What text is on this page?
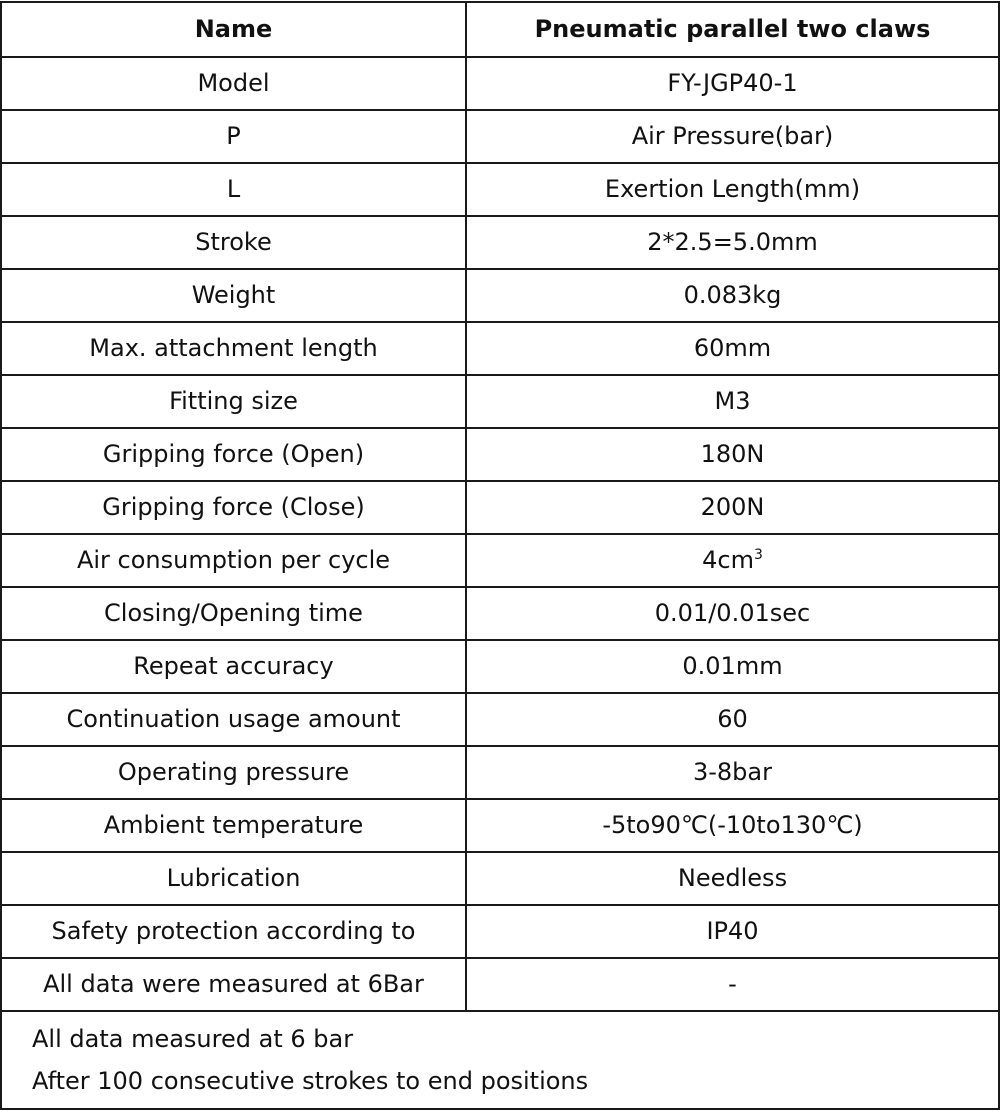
Name	Pneumatic parallel two claws
Model	FY-JGP40-1
P	Air Pressure(bar)
L	Exertion Length(mm)
Stroke	2*2.5=5.0mm
Weight	0.083kg
Max. attachment length	60mm
Fitting size	M3
Gripping force (Open)	180N
Gripping force (Close)	200N
Air consumption per cycle	$4cm^3$
Closing/Opening time	0.01/0.01sec
Repeat accuracy	0.01mm
Continuation usage amount	60
Operating pressure	3-8bar
Ambient temperature	-5to90℃(-10to130℃)
Lubrication	Needless
Safety protection according to	IP40
All data were measured at 6Bar	-

All data measured at 6 bar
After 100 consecutive strokes to end positions	
